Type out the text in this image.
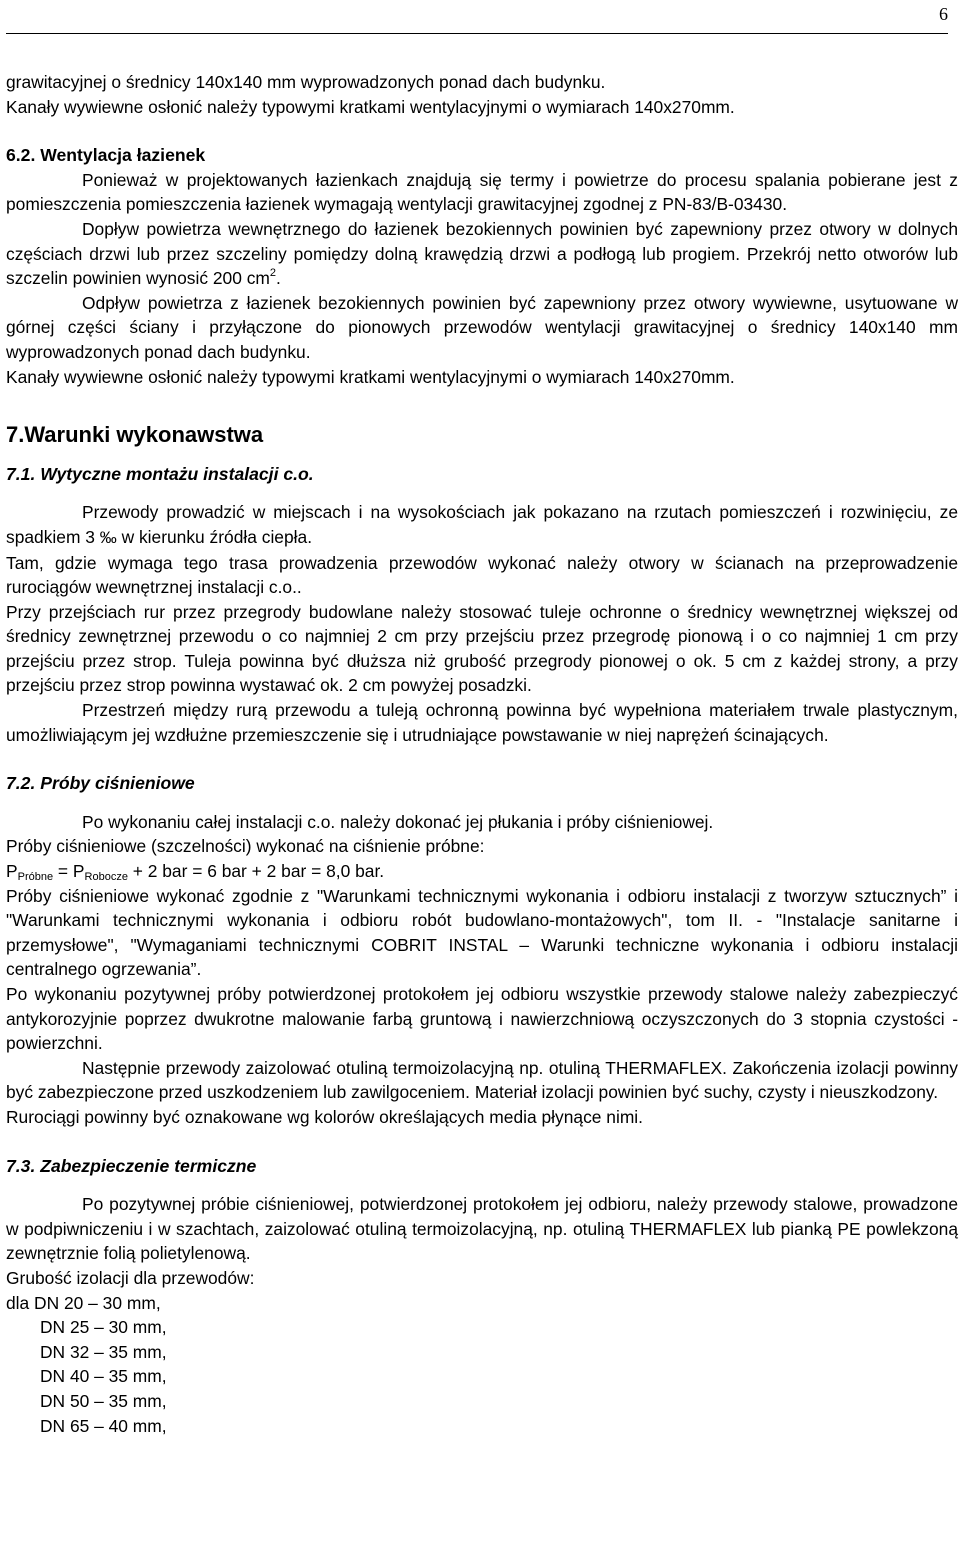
6

grawitacyjnej o średnicy 140x140 mm wyprowadzonych ponad dach budynku.

Kanały wywiewne osłonić należy typowymi kratkami wentylacyjnymi o wymiarach 140x270mm.

6.2. Wentylacja łazienek

Ponieważ w projektowanych łazienkach znajdują się termy i powietrze do procesu spalania pobierane jest z pomieszczenia pomieszczenia łazienek wymagają wentylacji grawitacyjnej zgodnej z PN-83/B-03430.

Dopływ powietrza wewnętrznego do łazienek bezokiennych powinien być zapewniony przez otwory w dolnych częściach drzwi lub przez szczeliny pomiędzy dolną krawędzią drzwi a podłogą lub progiem. Przekrój netto otworów lub szczelin powinien wynosić 200 $cm^2$.

Odpływ powietrza z łazienek bezokiennych powinien być zapewniony przez otwory wywiewne, usytuowane w górnej części ściany i przyłączone do pionowych przewodów wentylacji grawitacyjnej o średnicy 140x140 mm wyprowadzonych ponad dach budynku.

Kanały wywiewne osłonić należy typowymi kratkami wentylacyjnymi o wymiarach 140x270mm.

7.Warunki wykonawstwa

7.1. Wytyczne montażu instalacji c.o.

Przewody prowadzić w miejscach i na wysokościach jak pokazano na rzutach pomieszczeń i rozwinięciu, ze spadkiem 3 ‰ w kierunku źródła ciepła.

Tam, gdzie wymaga tego trasa prowadzenia przewodów wykonać należy otwory w ścianach na przeprowadzenie rurociągów wewnętrznej instalacji c.o..

Przy przejściach rur przez przegrody budowlane należy stosować tuleje ochronne o średnicy wewnętrznej większej od średnicy zewnętrznej przewodu o co najmniej 2 cm przy przejściu przez przegrodę pionową i o co najmniej 1 cm przy przejściu przez strop. Tuleja powinna być dłuższa niż grubość przegrody pionowej o ok. 5 cm z każdej strony, a przy przejściu przez strop powinna wystawać ok. 2 cm powyżej posadzki.

Przestrzeń między rurą przewodu a tuleją ochronną powinna być wypełniona materiałem trwale plastycznym, umożliwiającym jej wzdłużne przemieszczenie się i utrudniające powstawanie w niej naprężeń ścinających.

7.2. Próby ciśnieniowe

Po wykonaniu całej instalacji c.o. należy dokonać jej płukania i próby ciśnieniowej.

Próby ciśnieniowe (szczelności) wykonać na ciśnienie próbne:

$P_{Próbne} = P_{Robocze} + 2$ bar = 6 bar + 2 bar = 8,0 bar.

Próby ciśnieniowe wykonać zgodnie z "Warunkami technicznymi wykonania i odbioru instalacji z tworzyw sztucznych” i "Warunkami technicznymi wykonania i odbioru robót budowlano-montażowych", tom II. - "Instalacje sanitarne i przemysłowe", "Wymaganiami technicznymi COBRIT INSTAL – Warunki techniczne wykonania i odbioru instalacji centralnego ogrzewania”.

Po wykonaniu pozytywnej próby potwierdzonej protokołem jej odbioru wszystkie przewody stalowe należy zabezpieczyć antykorozyjnie poprzez dwukrotne malowanie farbą gruntową i nawierzchniową oczyszczonych do 3 stopnia czystości - powierzchni.

Następnie przewody zaizolować otuliną termoizolacyjną np. otuliną THERMAFLEX. Zakończenia izolacji powinny być zabezpieczone przed uszkodzeniem lub zawilgoceniem. Materiał izolacji powinien być suchy, czysty i nieuszkodzony.

Rurociągi powinny być oznakowane wg kolorów określających media płynące nimi.

7.3. Zabezpieczenie termiczne

Po pozytywnej próbie ciśnieniowej, potwierdzonej protokołem jej odbioru, należy przewody stalowe, prowadzone w podpiwniczeniu i w szachtach, zaizolować otuliną termoizolacyjną, np. otuliną THERMAFLEX lub pianką PE powlekzoną zewnętrznie folią polietylenową.

Grubość izolacji dla przewodów:

dla DN 20 – 30 mm,

DN 25 – 30 mm,

DN 32 – 35 mm,

DN 40 – 35 mm,

DN 50 – 35 mm,

DN 65 – 40 mm,
